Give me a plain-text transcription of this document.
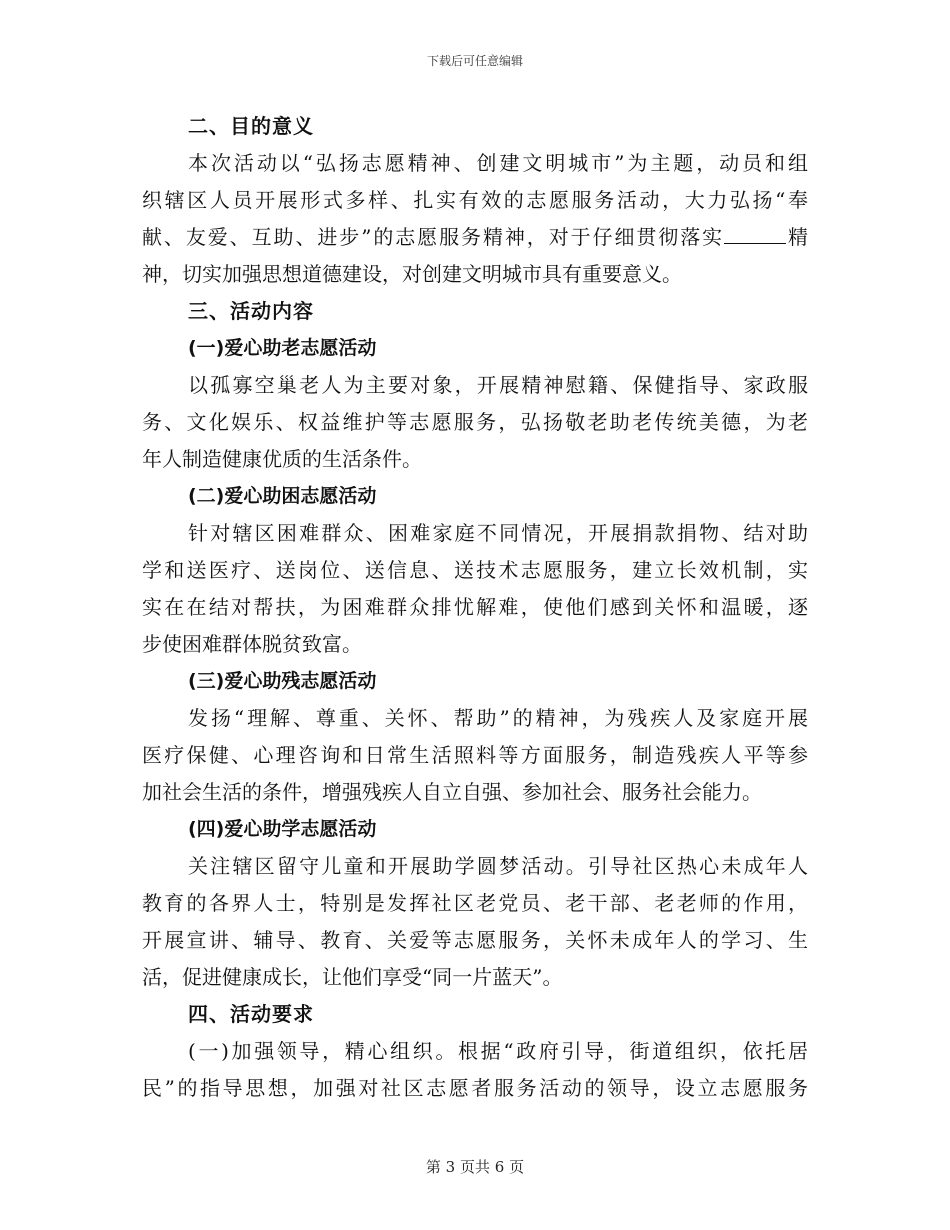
下载后可任意编辑
二、目的意义

本次活动以“弘扬志愿精神、创建文明城市”为主题，动员和组
织辖区人员开展形式多样、扎实有效的志愿服务活动，大力弘扬“奉
献、友爱、互助、进步”的志愿服务精神，对于仔细贯彻落实	精
神，切实加强思想道德建设，对创建文明城市具有重要意义。

三、活动内容
(一)爱心助老志愿活动

以孤寡空巢老人为主要对象，开展精神慰籍、保健指导、家政服
务、文化娱乐、权益维护等志愿服务，弘扬敬老助老传统美德，为老
年人制造健康优质的生活条件。

(二)爱心助困志愿活动

针对辖区困难群众、困难家庭不同情况，开展捐款捐物、结对助
学和送医疗、送岗位、送信息、送技术志愿服务，建立长效机制，实
实在在结对帮扶，为困难群众排忧解难，使他们感到关怀和温暖，逐
步使困难群体脱贫致富。

(三)爱心助残志愿活动

发扬“理解、尊重、关怀、帮助”的精神，为残疾人及家庭开展
医疗保健、心理咨询和日常生活照料等方面服务，制造残疾人平等参
加社会生活的条件，增强残疾人自立自强、参加社会、服务社会能力。

(四)爱心助学志愿活动

关注辖区留守儿童和开展助学圆梦活动。引导社区热心未成年人
教育的各界人士，特别是发挥社区老党员、老干部、老老师的作用，
开展宣讲、辅导、教育、关爱等志愿服务，关怀未成年人的学习、生
活，促进健康成长，让他们享受“同一片蓝天”。

四、活动要求

(一)加强领导，精心组织。根据“政府引导，街道组织，依托居
民”的指导思想，加强对社区志愿者服务活动的领导，设立志愿服务

第 3 页共 6 页
